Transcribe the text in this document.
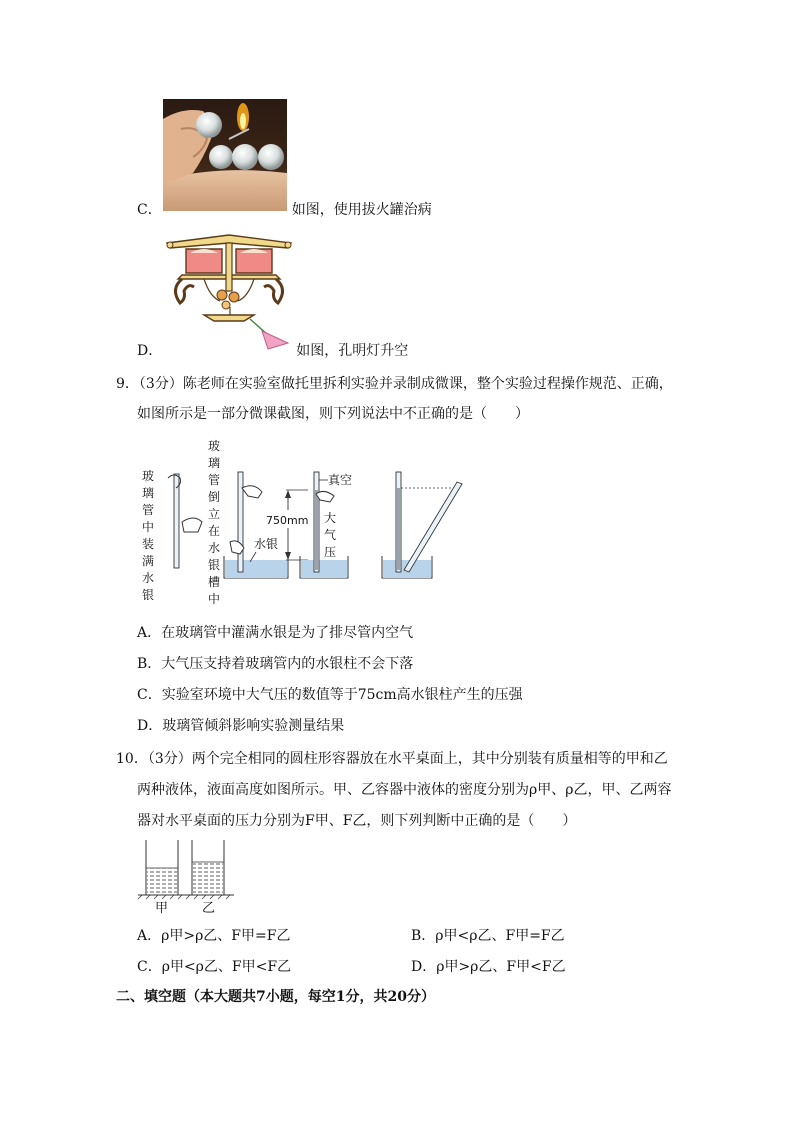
C．	如图，使用拔火罐治病
D．	如图，孔明灯升空
9．（3分）陈老师在实验室做托里拆利实验并录制成微课，整个实验过程操作规范、正确，
如图所示是一部分微课截图，则下列说法中不正确的是（　　）
玻
璃
管
中
装
满
水
银
玻
璃
管
倒
立
在
水
银
槽
中
水银
750mm
真空
大
气
压
A．在玻璃管中灌满水银是为了排尽管内空气
B．大气压支持着玻璃管内的水银柱不会下落
C．实验室环境中大气压的数值等于75cm高水银柱产生的压强
D．玻璃管倾斜影响实验测量结果
10．（3分）两个完全相同的圆柱形容器放在水平桌面上，其中分别装有质量相等的甲和乙
两种液体，液面高度如图所示。甲、乙容器中液体的密度分别为ρ甲、ρ乙，甲、乙两容
器对水平桌面的压力分别为F甲、F乙，则下列判断中正确的是（　　）
甲	乙
A．ρ甲>ρ乙、F甲=F乙	B．ρ甲<ρ乙、F甲=F乙
C．ρ甲<ρ乙、F甲<F乙	D．ρ甲>ρ乙、F甲<F乙
二、填空题（本大题共7小题，每空1分，共20分）
